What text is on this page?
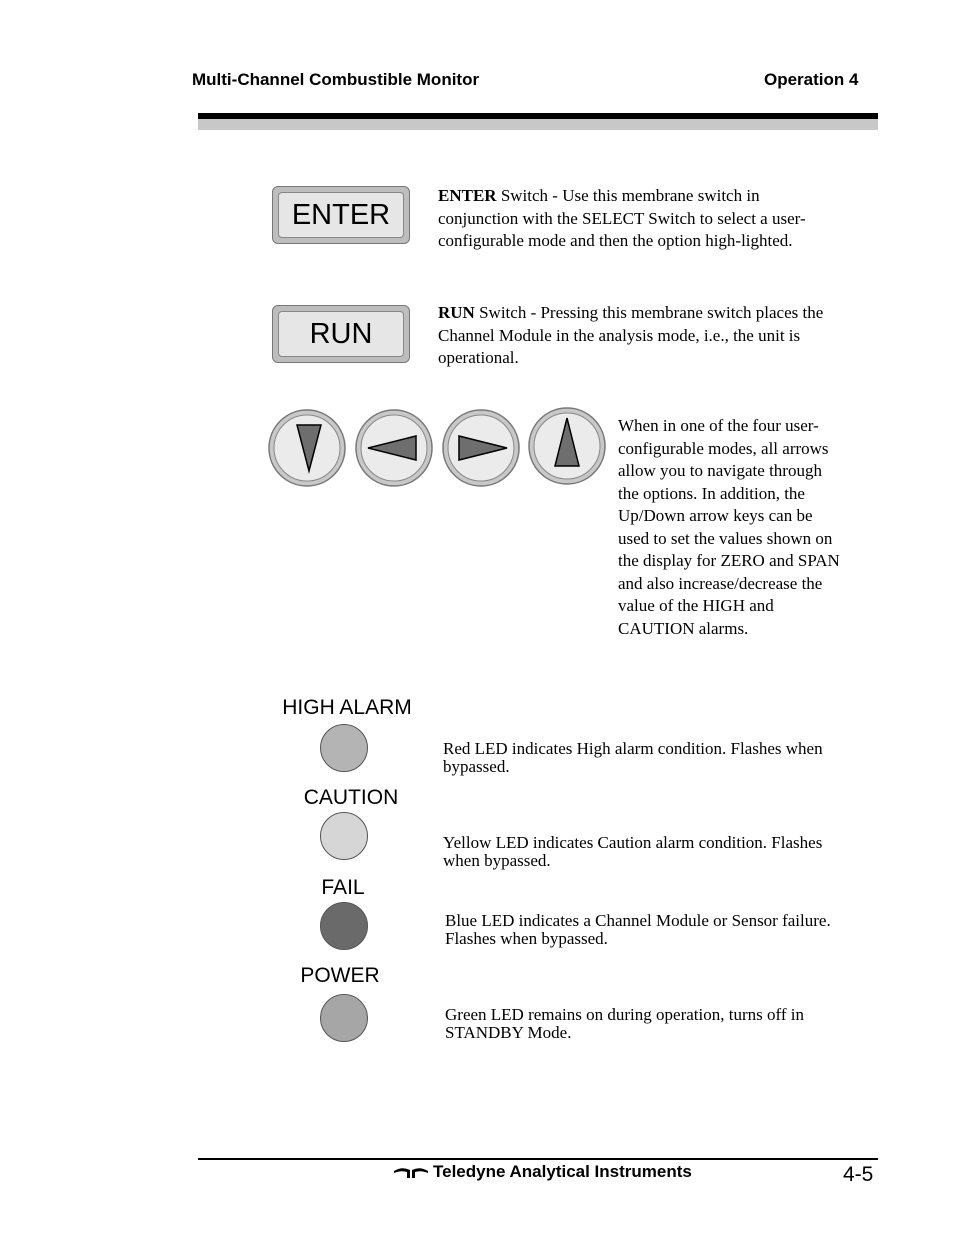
Multi-Channel Combustible Monitor	Operation 4
ENTER
ENTER Switch - Use this membrane switch in conjunction with the SELECT Switch to select a user-configurable mode and then the option high-lighted.
RUN
RUN Switch - Pressing this membrane switch places the Channel Module in the analysis mode, i.e., the unit is operational.
When in one of the four user-configurable modes, all arrows allow you to navigate through the options. In addition, the Up/Down arrow keys can be used to set the values shown on the display for ZERO and SPAN and also increase/decrease the value of the HIGH and CAUTION alarms.
HIGH ALARM
Red LED indicates High alarm condition. Flashes when bypassed.
CAUTION
Yellow LED indicates Caution alarm condition. Flashes when bypassed.
FAIL
Blue LED indicates a Channel Module or Sensor failure. Flashes when bypassed.
POWER
Green LED remains on during operation, turns off in STANDBY Mode.
Teledyne Analytical Instruments	4-5
